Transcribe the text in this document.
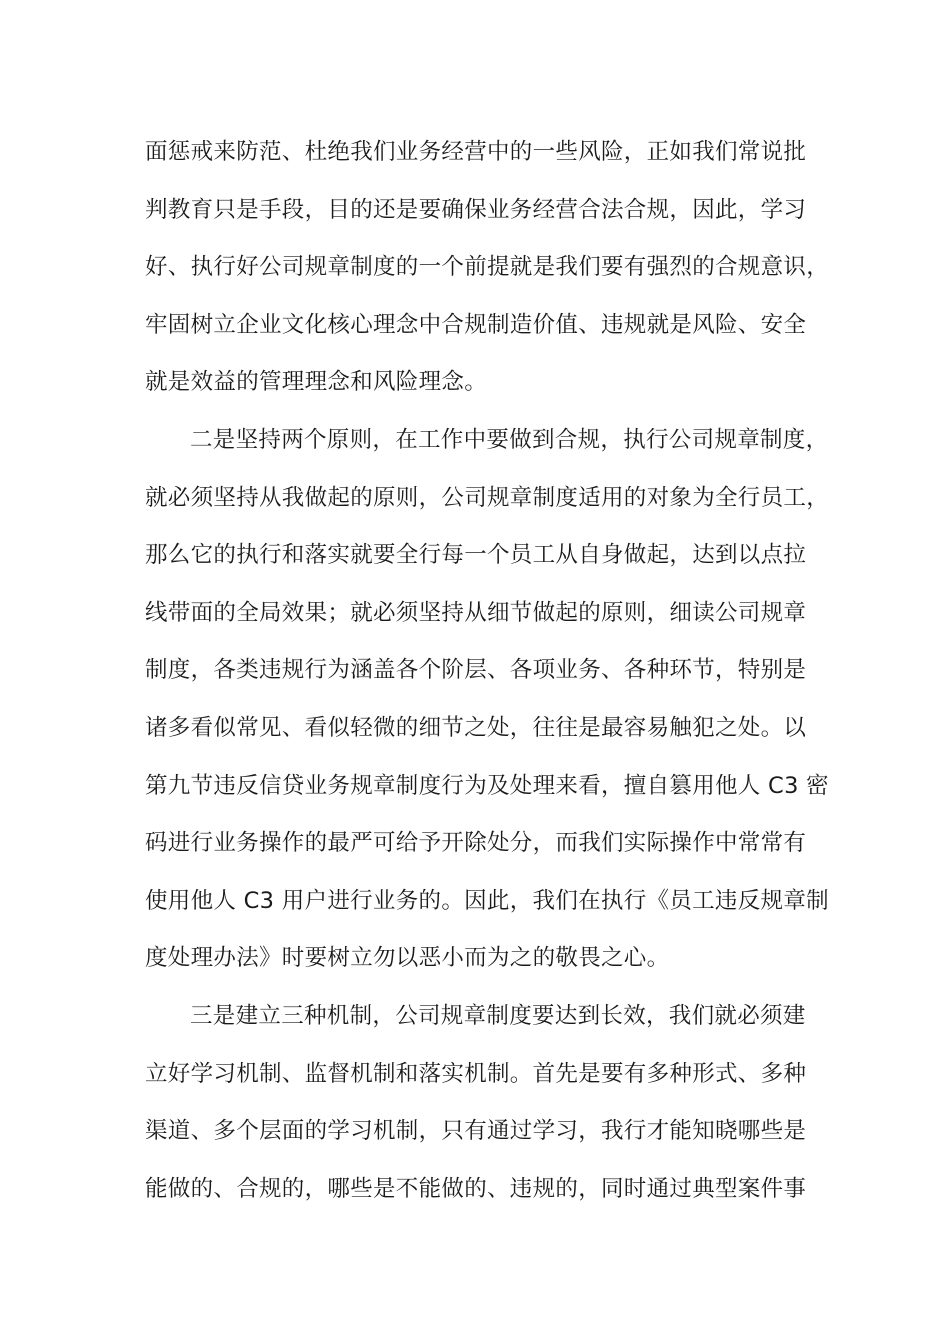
面惩戒来防范、杜绝我们业务经营中的一些风险，正如我们常说批
判教育只是手段，目的还是要确保业务经营合法合规，因此，学习
好、执行好公司规章制度的一个前提就是我们要有强烈的合规意识，
牢固树立企业文化核心理念中合规制造价值、违规就是风险、安全
就是效益的管理理念和风险理念。
二是坚持两个原则，在工作中要做到合规，执行公司规章制度，
就必须坚持从我做起的原则，公司规章制度适用的对象为全行员工，
那么它的执行和落实就要全行每一个员工从自身做起，达到以点拉
线带面的全局效果；就必须坚持从细节做起的原则，细读公司规章
制度，各类违规行为涵盖各个阶层、各项业务、各种环节，特别是
诸多看似常见、看似轻微的细节之处，往往是最容易触犯之处。以
第九节违反信贷业务规章制度行为及处理来看，擅自篡用他人 C3 密
码进行业务操作的最严可给予开除处分，而我们实际操作中常常有
使用他人 C3 用户进行业务的。因此，我们在执行《员工违反规章制
度处理办法》时要树立勿以恶小而为之的敬畏之心。
三是建立三种机制，公司规章制度要达到长效，我们就必须建
立好学习机制、监督机制和落实机制。首先是要有多种形式、多种
渠道、多个层面的学习机制，只有通过学习，我行才能知晓哪些是
能做的、合规的，哪些是不能做的、违规的，同时通过典型案件事
